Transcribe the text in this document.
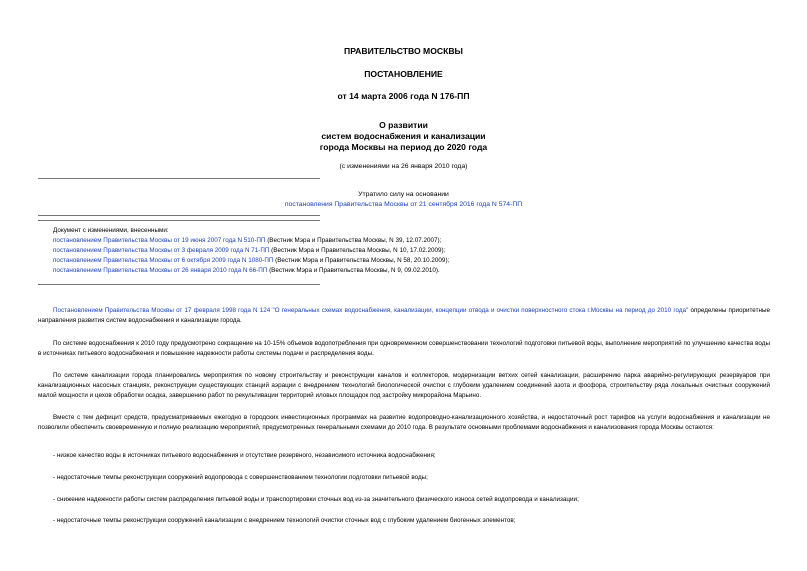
ПРАВИТЕЛЬСТВО МОСКВЫ
ПОСТАНОВЛЕНИЕ
от 14 марта 2006 года N 176-ПП
О развитии
систем водоснабжения и канализации
города Москвы на период до 2020 года
(с изменениями на 26 января 2010 года)
Утратило силу на основании
постановления Правительства Москвы от 21 сентября 2016 года N 574-ПП
Документ с изменениями, внесенными:
постановлением Правительства Москвы от 19 июня 2007 года N 510-ПП (Вестник Мэра и Правительства Москвы, N 39, 12.07.2007);
постановлением Правительства Москвы от 3 февраля 2009 года N 71-ПП (Вестник Мэра и Правительства Москвы, N 10, 17.02.2009);
постановлением Правительства Москвы от 6 октября 2009 года N 1080-ПП (Вестник Мэра и Правительства Москвы, N 58, 20.10.2009);
постановлением Правительства Москвы от 26 января 2010 года N 66-ПП (Вестник Мэра и Правительства Москвы, N 9, 09.02.2010).
Постановлением Правительства Москвы от 17 февраля 1998 года N 124 "О генеральных схемах водоснабжения, канализации, концепции отвода и очистки поверхностного стока г.Москвы на период до 2010 года" определены приоритетные направления развития систем водоснабжения и канализации города.
По системе водоснабжения к 2010 году предусмотрено сокращение на 10-15% объемов водопотребления при одновременном совершенствовании технологий подготовки питьевой воды, выполнение мероприятий по улучшению качества воды в источниках питьевого водоснабжения и повышение надежности работы системы подачи и распределения воды.
По системе канализации города планировались мероприятия по новому строительству и реконструкции каналов и коллекторов, модернизации ветхих сетей канализации, расширению парка аварийно-регулирующих резервуаров при канализационных насосных станциях, реконструкции существующих станций аэрации с внедрением технологий биологической очистки с глубоким удалением соединений азота и фосфора, строительству ряда локальных очистных сооружений малой мощности и цехов обработки осадка, завершению работ по рекультивации территорий иловых площадок под застройку микрорайона Марьино.
Вместе с тем дефицит средств, предусматриваемых ежегодно в городских инвестиционных программах на развитие водопроводно-канализационного хозяйства, и недостаточный рост тарифов на услуги водоснабжения и канализации не позволили обеспечить своевременную и полную реализацию мероприятий, предусмотренных генеральными схемами до 2010 года. В результате основными проблемами водоснабжения и канализования города Москвы остаются:
- низкое качество воды в источниках питьевого водоснабжения и отсутствие резервного, независимого источника водоснабжения;
- недостаточные темпы реконструкции сооружений водопровода с совершенствованием технологии подготовки питьевой воды;
- снижение надежности работы систем распределения питьевой воды и транспортировки сточных вод из-за значительного физического износа сетей водопровода и канализации;
- недостаточные темпы реконструкции сооружений канализации с внедрением технологий очистки сточных вод с глубоким удалением биогенных элементов;
